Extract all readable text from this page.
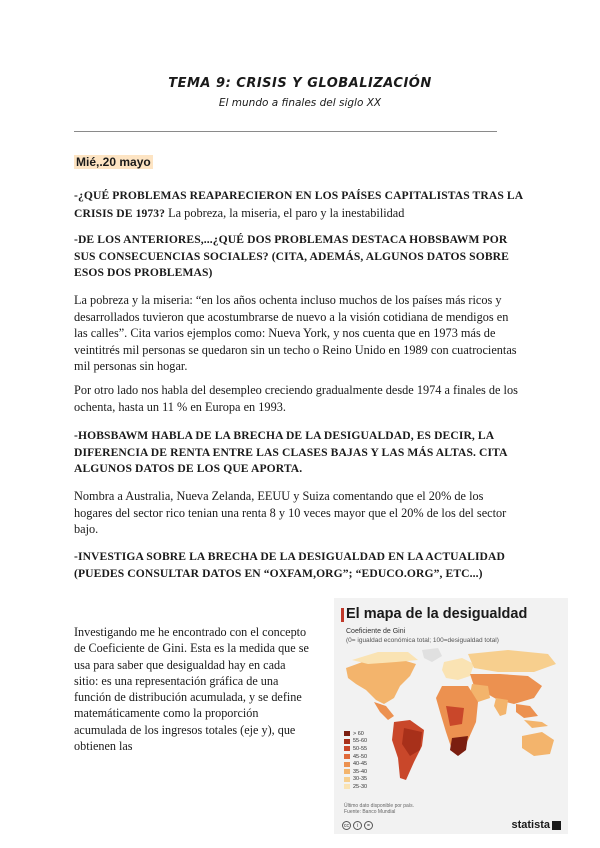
TEMA 9: CRISIS Y GLOBALIZACIÓN
El mundo a finales del siglo XX
Mié,.20 mayo
-¿QUÉ PROBLEMAS REAPARECIERON EN LOS PAÍSES CAPITALISTAS TRAS LA CRISIS DE 1973? La pobreza, la miseria, el paro y la inestabilidad
-DE LOS ANTERIORES,...¿QUÉ DOS PROBLEMAS DESTACA HOBSBAWM POR SUS CONSECUENCIAS SOCIALES? (CITA, ADEMÁS, ALGUNOS DATOS SOBRE ESOS DOS PROBLEMAS)
La pobreza y la miseria: “en los años ochenta incluso muchos de los países más ricos y desarrollados tuvieron que acostumbrarse de nuevo a la visión cotidiana de mendigos en las calles”. Cita varios ejemplos como: Nueva York, y nos cuenta que en 1973 más de veintitrés mil personas se quedaron sin un techo o Reino Unido en 1989 con cuatrocientas mil personas sin hogar.
Por otro lado nos habla del desempleo creciendo gradualmente desde 1974 a finales de los ochenta, hasta un 11 % en Europa en 1993.
-HOBSBAWM HABLA DE LA BRECHA DE LA DESIGUALDAD, ES DECIR, LA DIFERENCIA DE RENTA ENTRE LAS CLASES BAJAS Y LAS MÁS ALTAS. CITA ALGUNOS DATOS DE LOS QUE APORTA.
Nombra a Australia, Nueva Zelanda, EEUU y Suiza comentando que el 20% de los hogares del sector rico tenian una renta 8 y 10 veces mayor que el 20% de los del sector bajo.
-INVESTIGA SOBRE LA BRECHA DE LA DESIGUALDAD EN LA ACTUALIDAD (PUEDES CONSULTAR DATOS EN “OXFAM,ORG”; “EDUCO.ORG”, ETC...)
Investigando me he encontrado con el concepto de Coeficiente de Gini. Esta es la medida que se usa para saber que desigualdad hay en cada sitio: es una representación gráfica de una función de distribución acumulada, y se define matemáticamente como la proporción acumulada de los ingresos totales (eje y), que obtienen las
El mapa de la desigualdad
Coeficiente de Gini
(0= igualdad económica total; 100=desigualdad total)
> 60
55-60
50-55
45-50
40-45
35-40
30-35
25-30
Último dato disponible por país.
Fuente: Banco Mundial
cc	i	=	statista
